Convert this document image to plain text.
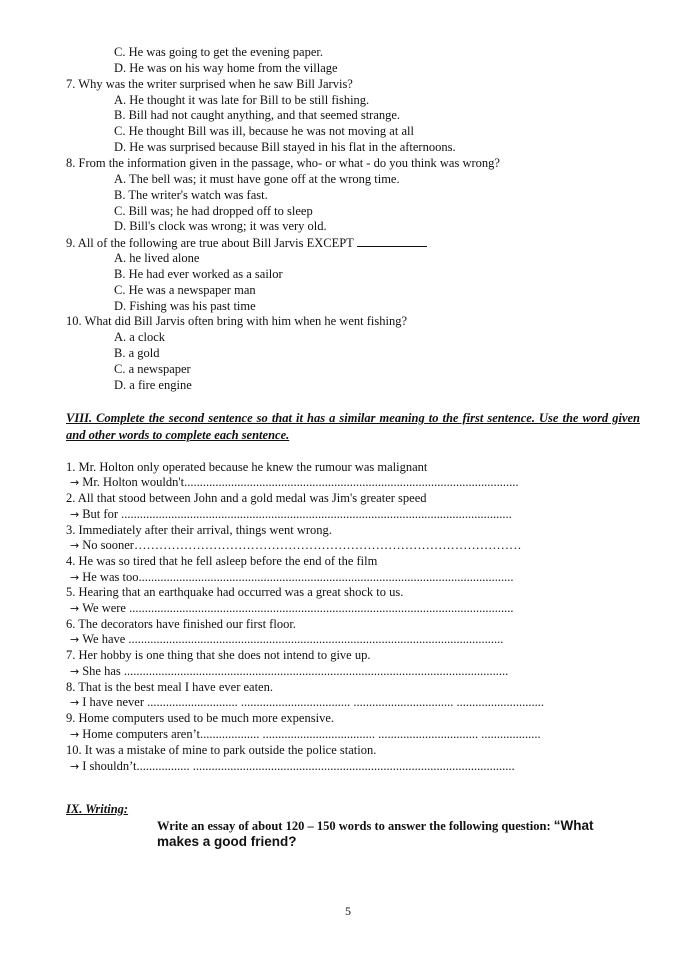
C. He was going to get the evening paper.
D. He was on his way home from the village
7. Why was the writer surprised when he saw Bill Jarvis?
A. He thought it was late for Bill to be still fishing.
B. Bill had not caught anything, and that seemed strange.
C. He thought Bill was ill, because he was not moving at all
D. He was surprised because Bill stayed in his flat in the afternoons.
8. From the information given in the passage, who- or what - do you think was wrong?
A. The bell was; it must have gone off at the wrong time.
B. The writer's watch was fast.
C. Bill was; he had dropped off to sleep
D. Bill's clock was wrong; it was very old.
9. All of the following are true about Bill Jarvis EXCEPT
A. he lived alone
B. He had ever worked as a sailor
C. He was a newspaper man
D. Fishing was his past time
10. What did Bill Jarvis often bring with him when he went fishing?
A. a clock
B. a gold
C. a newspaper
D. a fire engine
VIII. Complete the second sentence so that it has a similar meaning to the first sentence. Use the word given and other words to complete each sentence.
1. Mr. Holton only operated because he knew the rumour was malignant
→ Mr. Holton wouldn't...........................................................................................................
2. All that stood between John and a gold medal was Jim's greater speed
→ But for .............................................................................................................................
3. Immediately after their arrival, things went wrong.
→ No sooner…………………………………………………………………………………
4. He was so tired that he fell asleep before the end of the film
→ He was too........................................................................................................................
5. Hearing that an earthquake had occurred was a great shock to us.
→ We were ...........................................................................................................................
6. The decorators have finished our first floor.
→ We have ........................................................................................................................
7. Her hobby is one thing that she does not intend to give up.
→ She has ...........................................................................................................................
8. That is the best meal I have ever eaten.
→ I have never ............................. ................................... ................................ ............................
9. Home computers used to be much more expensive.
→ Home computers aren’t................... .................................... ................................ ...................
10. It was a mistake of mine to park outside the police station.
→ I shouldn’t................. .......................................................................................................
IX. Writing:
Write an essay of about 120 – 150 words to answer the following question: “What makes a good friend?
5
